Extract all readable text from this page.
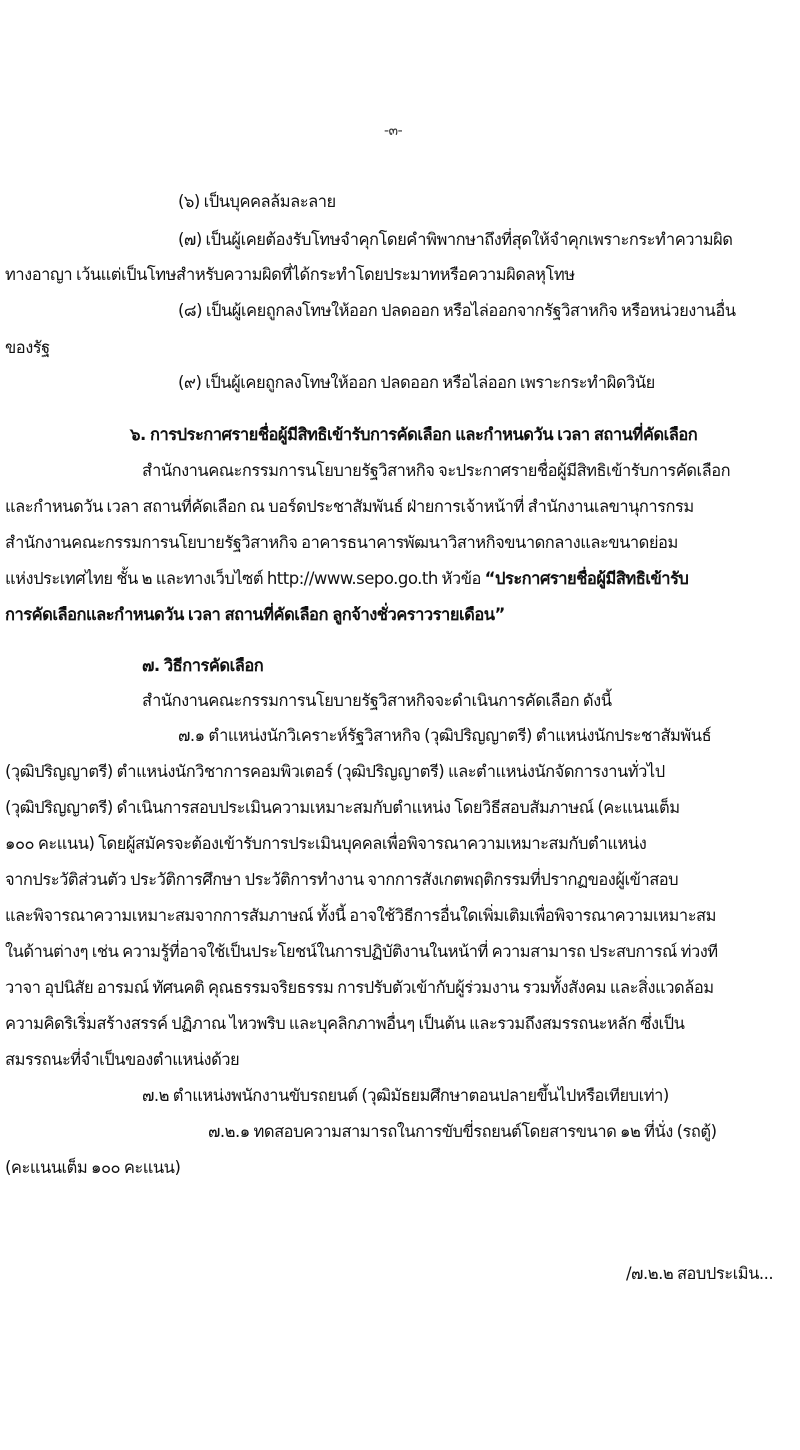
-๓-

(๖) เป็นบุคคลล้มละลาย

(๗) เป็นผู้เคยต้องรับโทษจำคุกโดยคำพิพากษาถึงที่สุดให้จำคุกเพราะกระทำความผิด

ทางอาญา เว้นแต่เป็นโทษสำหรับความผิดที่ได้กระทำโดยประมาทหรือความผิดลหุโทษ

(๘) เป็นผู้เคยถูกลงโทษให้ออก ปลดออก หรือไล่ออกจากรัฐวิสาหกิจ หรือหน่วยงานอื่น

ของรัฐ

(๙) เป็นผู้เคยถูกลงโทษให้ออก ปลดออก หรือไล่ออก เพราะกระทำผิดวินัย

๖. การประกาศรายชื่อผู้มีสิทธิเข้ารับการคัดเลือก และกำหนดวัน เวลา สถานที่คัดเลือก

สำนักงานคณะกรรมการนโยบายรัฐวิสาหกิจ จะประกาศรายชื่อผู้มีสิทธิเข้ารับการคัดเลือก

และกำหนดวัน เวลา สถานที่คัดเลือก ณ บอร์ดประชาสัมพันธ์ ฝ่ายการเจ้าหน้าที่ สำนักงานเลขานุการกรม

สำนักงานคณะกรรมการนโยบายรัฐวิสาหกิจ อาคารธนาคารพัฒนาวิสาหกิจขนาดกลางและขนาดย่อม

แห่งประเทศไทย ชั้น ๒ และทางเว็บไซต์ http://www.sepo.go.th หัวข้อ “ประกาศรายชื่อผู้มีสิทธิเข้ารับ

การคัดเลือกและกำหนดวัน เวลา สถานที่คัดเลือก ลูกจ้างชั่วคราวรายเดือน”

๗. วิธีการคัดเลือก

สำนักงานคณะกรรมการนโยบายรัฐวิสาหกิจจะดำเนินการคัดเลือก ดังนี้

๗.๑ ตำแหน่งนักวิเคราะห์รัฐวิสาหกิจ (วุฒิปริญญาตรี) ตำแหน่งนักประชาสัมพันธ์

(วุฒิปริญญาตรี) ตำแหน่งนักวิชาการคอมพิวเตอร์ (วุฒิปริญญาตรี) และตำแหน่งนักจัดการงานทั่วไป

(วุฒิปริญญาตรี) ดำเนินการสอบประเมินความเหมาะสมกับตำแหน่ง โดยวิธีสอบสัมภาษณ์ (คะแนนเต็ม

๑๐๐ คะแนน) โดยผู้สมัครจะต้องเข้ารับการประเมินบุคคลเพื่อพิจารณาความเหมาะสมกับตำแหน่ง

จากประวัติส่วนตัว ประวัติการศึกษา ประวัติการทำงาน จากการสังเกตพฤติกรรมที่ปรากฏของผู้เข้าสอบ

และพิจารณาความเหมาะสมจากการสัมภาษณ์ ทั้งนี้ อาจใช้วิธีการอื่นใดเพิ่มเติมเพื่อพิจารณาความเหมาะสม

ในด้านต่างๆ เช่น ความรู้ที่อาจใช้เป็นประโยชน์ในการปฏิบัติงานในหน้าที่ ความสามารถ ประสบการณ์ ท่วงที

วาจา อุปนิสัย อารมณ์ ทัศนคติ คุณธรรมจริยธรรม การปรับตัวเข้ากับผู้ร่วมงาน รวมทั้งสังคม และสิ่งแวดล้อม

ความคิดริเริ่มสร้างสรรค์ ปฏิภาณ ไหวพริบ และบุคลิกภาพอื่นๆ เป็นต้น และรวมถึงสมรรถนะหลัก ซึ่งเป็น

สมรรถนะที่จำเป็นของตำแหน่งด้วย

๗.๒ ตำแหน่งพนักงานขับรถยนต์ (วุฒิมัธยมศึกษาตอนปลายขึ้นไปหรือเทียบเท่า)

๗.๒.๑ ทดสอบความสามารถในการขับขี่รถยนต์โดยสารขนาด ๑๒ ที่นั่ง (รถตู้)

(คะแนนเต็ม ๑๐๐ คะแนน)

/๗.๒.๒ สอบประเมิน...
